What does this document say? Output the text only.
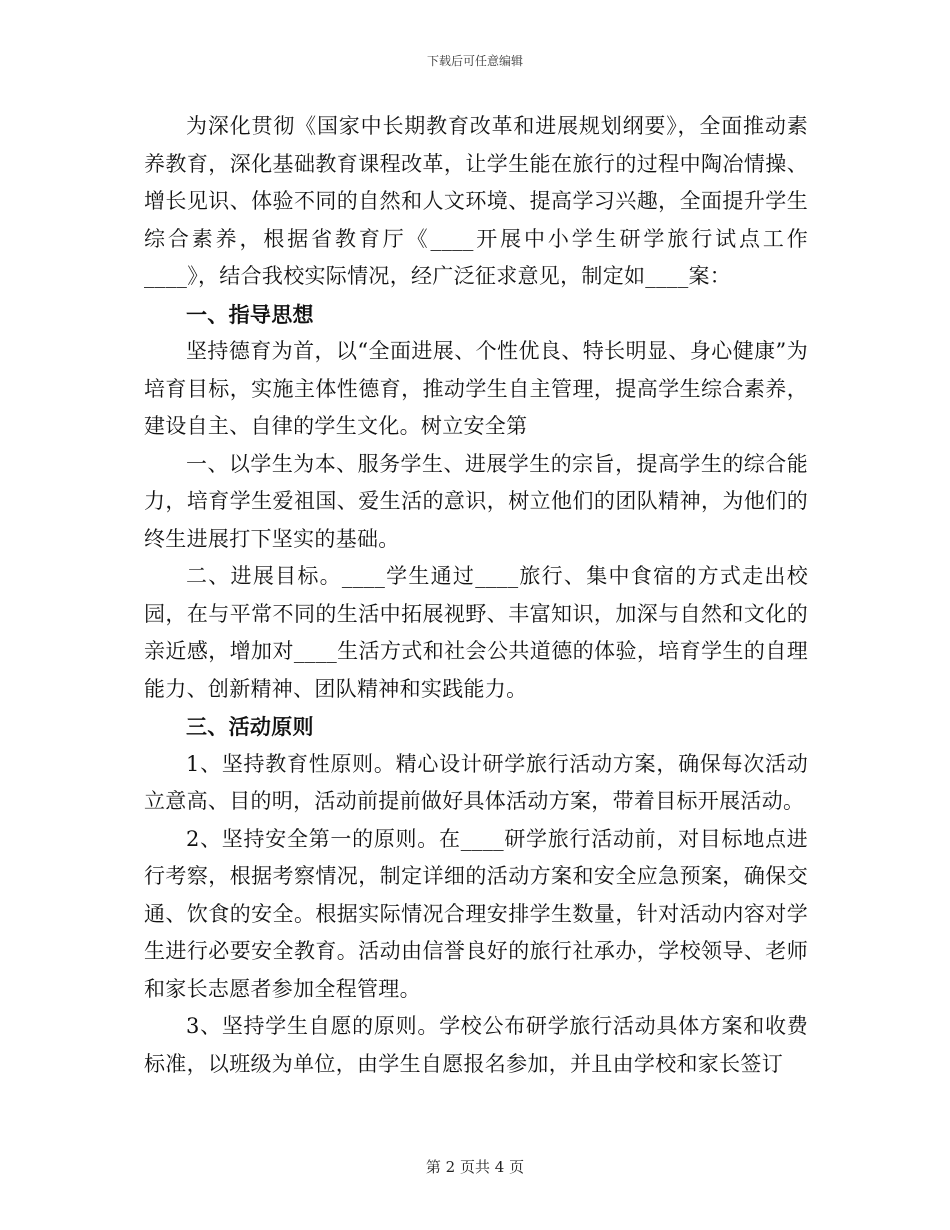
下载后可任意编辑

为深化贯彻《国家中长期教育改革和进展规划纲要》，全面推动素养教育，深化基础教育课程改革，让学生能在旅行的过程中陶冶情操、增长见识、体验不同的自然和人文环境、提高学习兴趣，全面提升学生综合素养，根据省教育厅《____开展中小学生研学旅行试点工作____》，结合我校实际情况，经广泛征求意见，制定如____案：

一、指导思想

坚持德育为首，以“全面进展、个性优良、特长明显、身心健康”为培育目标，实施主体性德育，推动学生自主管理，提高学生综合素养，建设自主、自律的学生文化。树立安全第

一、以学生为本、服务学生、进展学生的宗旨，提高学生的综合能力，培育学生爱祖国、爱生活的意识，树立他们的团队精神，为他们的终生进展打下坚实的基础。

二、进展目标。____学生通过____旅行、集中食宿的方式走出校园，在与平常不同的生活中拓展视野、丰富知识，加深与自然和文化的亲近感，增加对____生活方式和社会公共道德的体验，培育学生的自理能力、创新精神、团队精神和实践能力。

三、活动原则

1、坚持教育性原则。精心设计研学旅行活动方案，确保每次活动立意高、目的明，活动前提前做好具体活动方案，带着目标开展活动。

2、坚持安全第一的原则。在____研学旅行活动前，对目标地点进行考察，根据考察情况，制定详细的活动方案和安全应急预案，确保交通、饮食的安全。根据实际情况合理安排学生数量，针对活动内容对学生进行必要安全教育。活动由信誉良好的旅行社承办，学校领导、老师和家长志愿者参加全程管理。

3、坚持学生自愿的原则。学校公布研学旅行活动具体方案和收费标准，以班级为单位，由学生自愿报名参加，并且由学校和家长签订

第 2 页共 4 页
